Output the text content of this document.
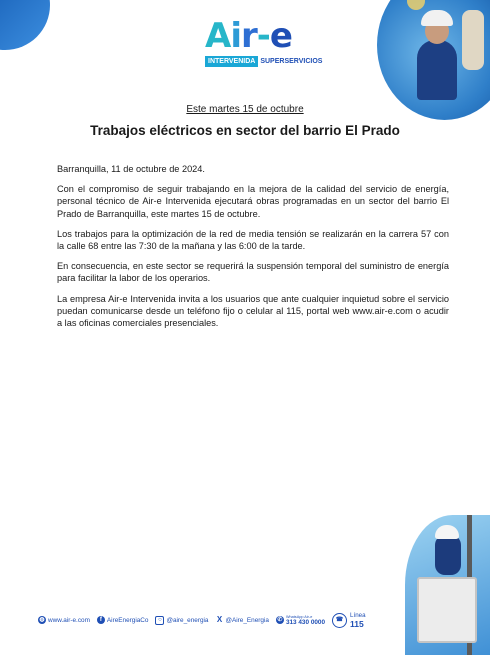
A i r - e
INTERVENIDA SUPERSERVICIOS
Este martes 15 de octubre
Trabajos eléctricos en sector del barrio El Prado

Barranquilla, 11 de octubre de 2024.

Con el compromiso de seguir trabajando en la mejora de la calidad del servicio de energía, personal técnico de Air-e Intervenida ejecutará obras programadas en un sector del barrio El Prado de Barranquilla, este martes 15 de octubre.

Los trabajos para la optimización de la red de media tensión se realizarán en la carrera 57 con la calle 68 entre las 7:30 de la mañana y las 6:00 de la tarde.

En consecuencia, en este sector se requerirá la suspensión temporal del suministro de energía para facilitar la labor de los operarios.

La empresa Air-e Intervenida invita a los usuarios que ante cualquier inquietud sobre el servicio puedan comunicarse desde un teléfono fijo o celular al 115, portal web www.air-e.com o acudir a las oficinas comerciales presenciales.

◍ www.air-e.com	f AireEnergiaCo	○ @aire_energia X @Aire_Energia ✆
WhatsApp Air-e
313 430 0000	☎
Línea
115
